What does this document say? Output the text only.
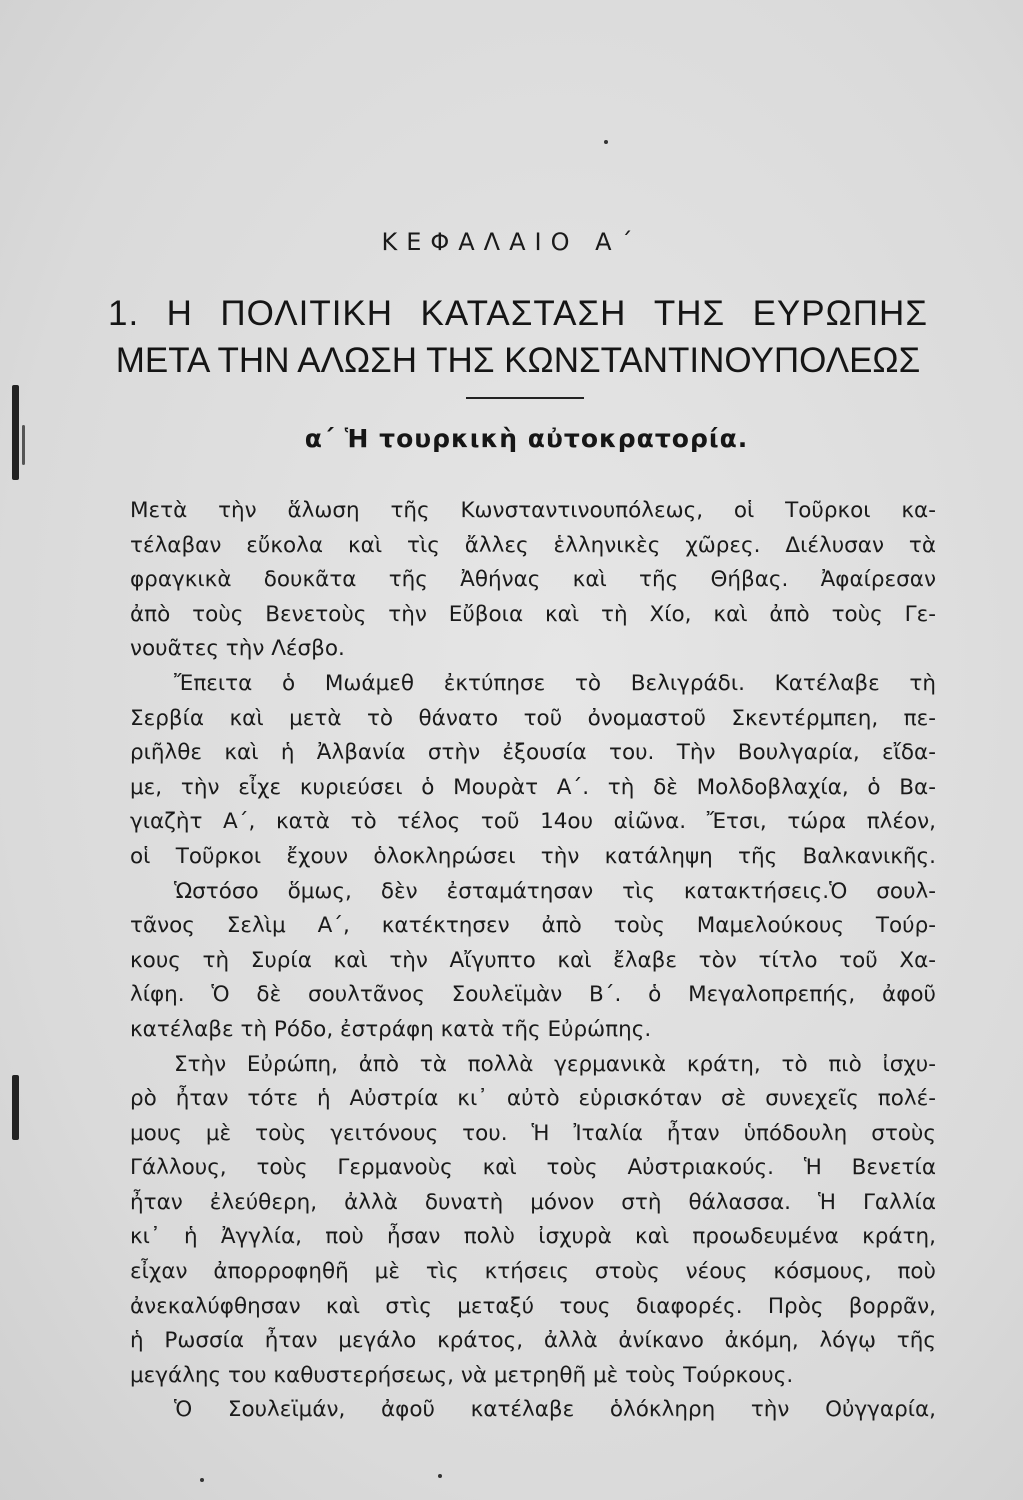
ΚΕΦΑΛΑΙΟ Α΄
1. Η ΠΟΛΙΤΙΚΗ ΚΑΤΑΣΤΑΣΗ ΤΗΣ ΕΥΡΩΠΗΣ
ΜΕΤΑ ΤΗΝ ΑΛΩΣΗ ΤΗΣ ΚΩΝΣΤΑΝΤΙΝΟΥΠΟΛΕΩΣ
α΄ Ἡ τουρκικὴ αὐτοκρατορία.
Μετὰ τὴν ἅλωση τῆς Κωνσταντινουπόλεως, οἱ Τοῦρκοι κα-
τέλαβαν εὔκολα καὶ τὶς ἄλλες ἑλληνικὲς χῶρες. Διέλυσαν τὰ
φραγκικὰ δουκᾶτα τῆς Ἀθήνας καὶ τῆς Θήβας. Ἀφαίρεσαν
ἀπὸ τοὺς Βενετοὺς τὴν Εὔβοια καὶ τὴ Χίο, καὶ ἀπὸ τοὺς Γε-
νουᾶτες τὴν Λέσβο.
Ἔπειτα ὁ Μωάμεθ ἐκτύπησε τὸ Βελιγράδι. Κατέλαβε τὴ
Σερβία καὶ μετὰ τὸ θάνατο τοῦ ὀνομαστοῦ Σκεντέρμπεη, πε-
ριῆλθε καὶ ἡ Ἀλβανία στὴν ἐξουσία του. Τὴν Βουλγαρία, εἴδα-
με, τὴν εἶχε κυριεύσει ὁ Μουρὰτ Α΄. τὴ δὲ Μολδοβλαχία, ὁ Βα-
γιαζὴτ Α΄, κατὰ τὸ τέλος τοῦ 14ου αἰῶνα. Ἔτσι, τώρα πλέον,
οἱ Τοῦρκοι ἔχουν ὁλοκληρώσει τὴν κατάληψη τῆς Βαλκανικῆς.
Ὡστόσο ὅμως, δὲν ἐσταμάτησαν τὶς κατακτήσεις.Ὁ σουλ-
τᾶνος Σελὶμ Α΄, κατέκτησεν ἀπὸ τοὺς Μαμελούκους Τούρ-
κους τὴ Συρία καὶ τὴν Αἴγυπτο καὶ ἔλαβε τὸν τίτλο τοῦ Χα-
λίφη. Ὁ δὲ σουλτᾶνος Σουλεϊμὰν Β΄. ὁ Μεγαλοπρεπής, ἀφοῦ
κατέλαβε τὴ Ρόδο, ἐστράφη κατὰ τῆς Εὐρώπης.
Στὴν Εὐρώπη, ἀπὸ τὰ πολλὰ γερμανικὰ κράτη, τὸ πιὸ ἰσχυ-
ρὸ ἦταν τότε ἡ Αὐστρία κι᾿ αὐτὸ εὑρισκόταν σὲ συνεχεῖς πολέ-
μους μὲ τοὺς γειτόνους του. Ἡ Ἰταλία ἦταν ὑπόδουλη στοὺς
Γάλλους, τοὺς Γερμανοὺς καὶ τοὺς Αὐστριακούς. Ἡ Βενετία
ἦταν ἐλεύθερη, ἀλλὰ δυνατὴ μόνον στὴ θάλασσα. Ἡ Γαλλία
κι᾿ ἡ Ἀγγλία, ποὺ ἦσαν πολὺ ἰσχυρὰ καὶ προωδευμένα κράτη,
εἶχαν ἀπορροφηθῆ μὲ τὶς κτήσεις στοὺς νέους κόσμους, ποὺ
ἀνεκαλύφθησαν καὶ στὶς μεταξύ τους διαφορές. Πρὸς βορρᾶν,
ἡ Ρωσσία ἦταν μεγάλο κράτος, ἀλλὰ ἀνίκανο ἀκόμη, λόγῳ τῆς
μεγάλης του καθυστερήσεως, νὰ μετρηθῆ μὲ τοὺς Τούρκους.
Ὁ Σουλεϊμάν, ἀφοῦ κατέλαβε ὁλόκληρη τὴν Οὐγγαρία,
